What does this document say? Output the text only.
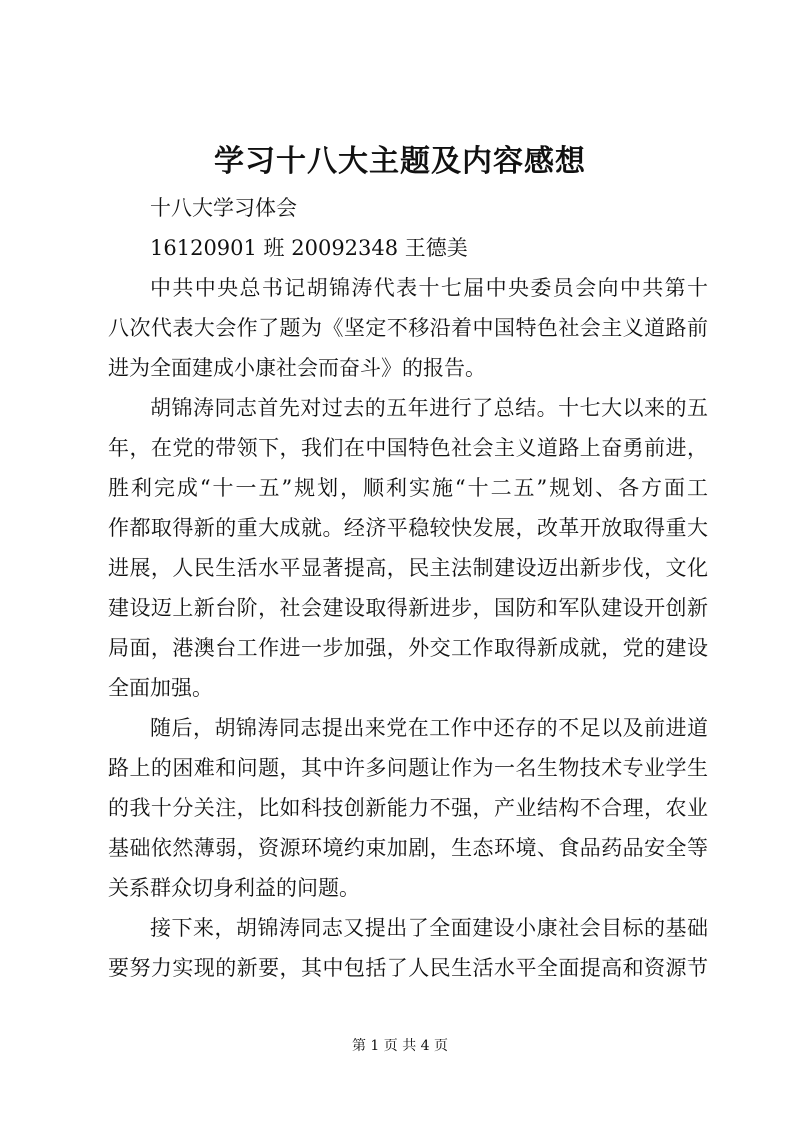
学习十八大主题及内容感想
十八大学习体会
16120901 班 20092348 王德美
中共中央总书记胡锦涛代表十七届中央委员会向中共第十
八次代表大会作了题为《坚定不移沿着中国特色社会主义道路前
进为全面建成小康社会而奋斗》的报告。
胡锦涛同志首先对过去的五年进行了总结。十七大以来的五
年，在党的带领下，我们在中国特色社会主义道路上奋勇前进，
胜利完成“十一五”规划，顺利实施“十二五”规划、各方面工
作都取得新的重大成就。经济平稳较快发展，改革开放取得重大
进展，人民生活水平显著提高，民主法制建设迈出新步伐，文化
建设迈上新台阶，社会建设取得新进步，国防和军队建设开创新
局面，港澳台工作进一步加强，外交工作取得新成就，党的建设
全面加强。
随后，胡锦涛同志提出来党在工作中还存的不足以及前进道
路上的困难和问题，其中许多问题让作为一名生物技术专业学生
的我十分关注，比如科技创新能力不强，产业结构不合理，农业
基础依然薄弱，资源环境约束加剧，生态环境、食品药品安全等
关系群众切身利益的问题。
接下来，胡锦涛同志又提出了全面建设小康社会目标的基础
要努力实现的新要，其中包括了人民生活水平全面提高和资源节
第 1 页 共 4 页
